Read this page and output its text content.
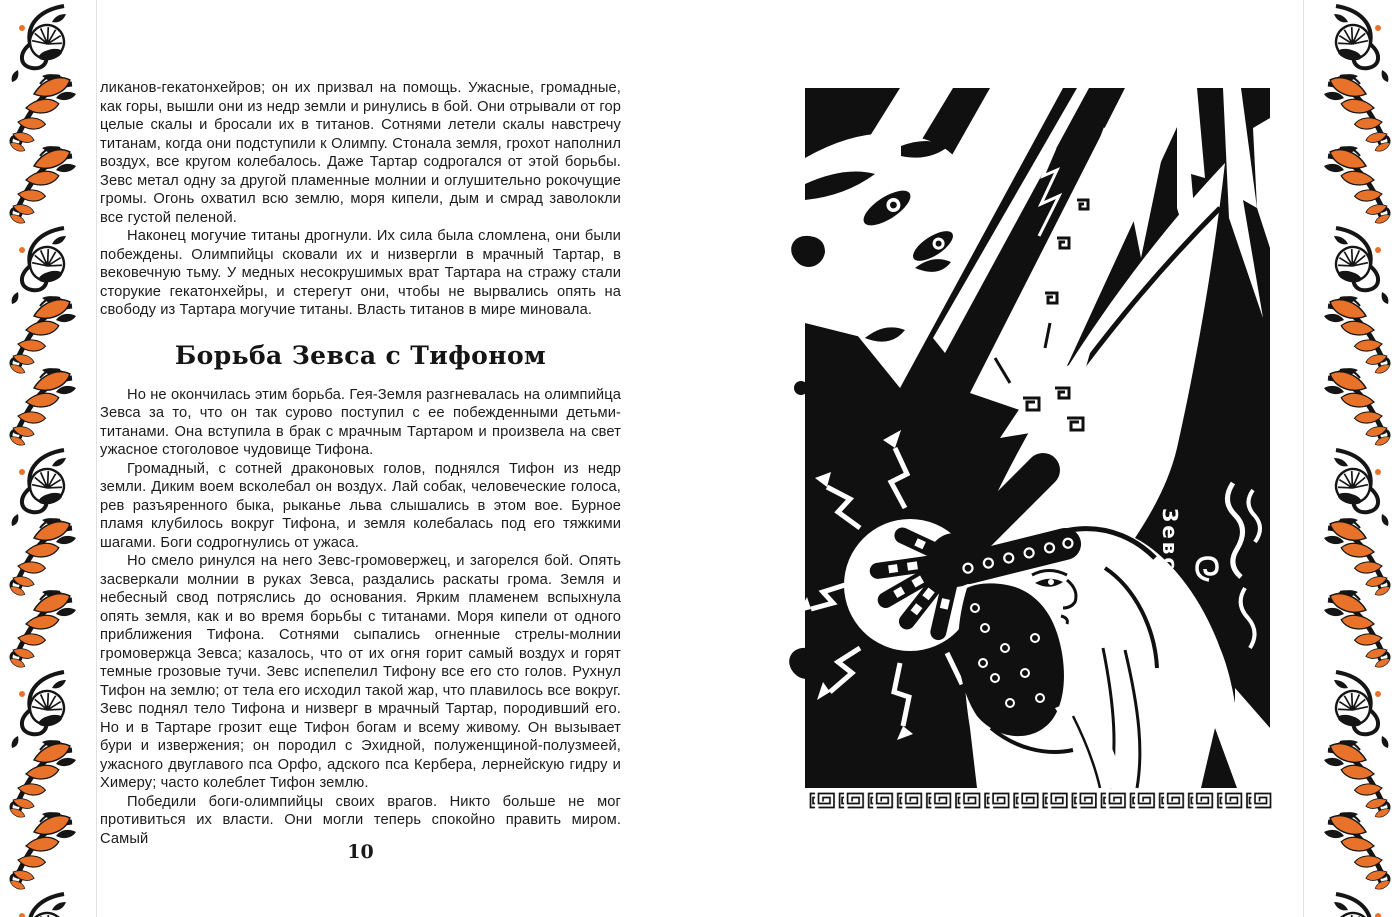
ликанов-гекатонхейров; он их призвал на помощь. Ужасные, громадные, как горы, вышли они из недр земли и ринулись в бой. Они отрывали от гор целые скалы и бросали их в титанов. Сотнями летели скалы навстречу титанам, когда они подступили к Олимпу. Стонала земля, грохот наполнил воздух, все кругом колебалось. Даже Тартар содрогался от этой борьбы. Зевс метал одну за другой пламенные молнии и оглушительно рокочущие громы. Огонь охватил всю землю, моря кипели, дым и смрад заволокли все густой пеленой.

Наконец могучие титаны дрогнули. Их сила была сломлена, они были побеждены. Олимпийцы сковали их и низвергли в мрачный Тартар, в вековечную тьму. У медных несокрушимых врат Тартара на стражу стали сторукие гекатонхейры, и стерегут они, чтобы не вырвались опять на свободу из Тартара могучие титаны. Власть титанов в мире миновала.

Борьба Зевса с Тифоном

Но не окончилась этим борьба. Гея-Земля разгневалась на олимпийца Зевса за то, что он так сурово поступил с ее побежденными детьми-титанами. Она вступила в брак с мрачным Тартаром и произвела на свет ужасное стоголовое чудовище Тифона.

Громадный, с сотней драконовых голов, поднялся Тифон из недр земли. Диким воем всколебал он воздух. Лай собак, человеческие голоса, рев разъяренного быка, рыканье льва слышались в этом вое. Бурное пламя клубилось вокруг Тифона, и земля колебалась под его тяжкими шагами. Боги содрогнулись от ужаса.

Но смело ринулся на него Зевс-громовержец, и загорелся бой. Опять засверкали молнии в руках Зевса, раздались раскаты грома. Земля и небесный свод потряслись до основания. Ярким пламенем вспыхнула опять земля, как и во время борьбы с титанами. Моря кипели от одного приближения Тифона. Сотнями сыпались огненные стрелы-молнии громовержца Зевса; казалось, что от их огня горит самый воздух и горят темные грозовые тучи. Зевс испепелил Тифону все его сто голов. Рухнул Тифон на землю; от тела его исходил такой жар, что плавилось все вокруг. Зевс поднял тело Тифона и низверг в мрачный Тартар, породивший его. Но и в Тартаре грозит еще Тифон богам и всему живому. Он вызывает бури и извержения; он породил с Эхидной, полуженщиной-полузмеей, ужасного двуглавого пса Орфо, адского пса Кербера, лернейскую гидру и Химеру; часто колеблет Тифон землю.

Победили боги-олимпийцы своих врагов. Никто больше не мог противиться их власти. Они могли теперь спокойно править миром. Самый

10
Зевс
